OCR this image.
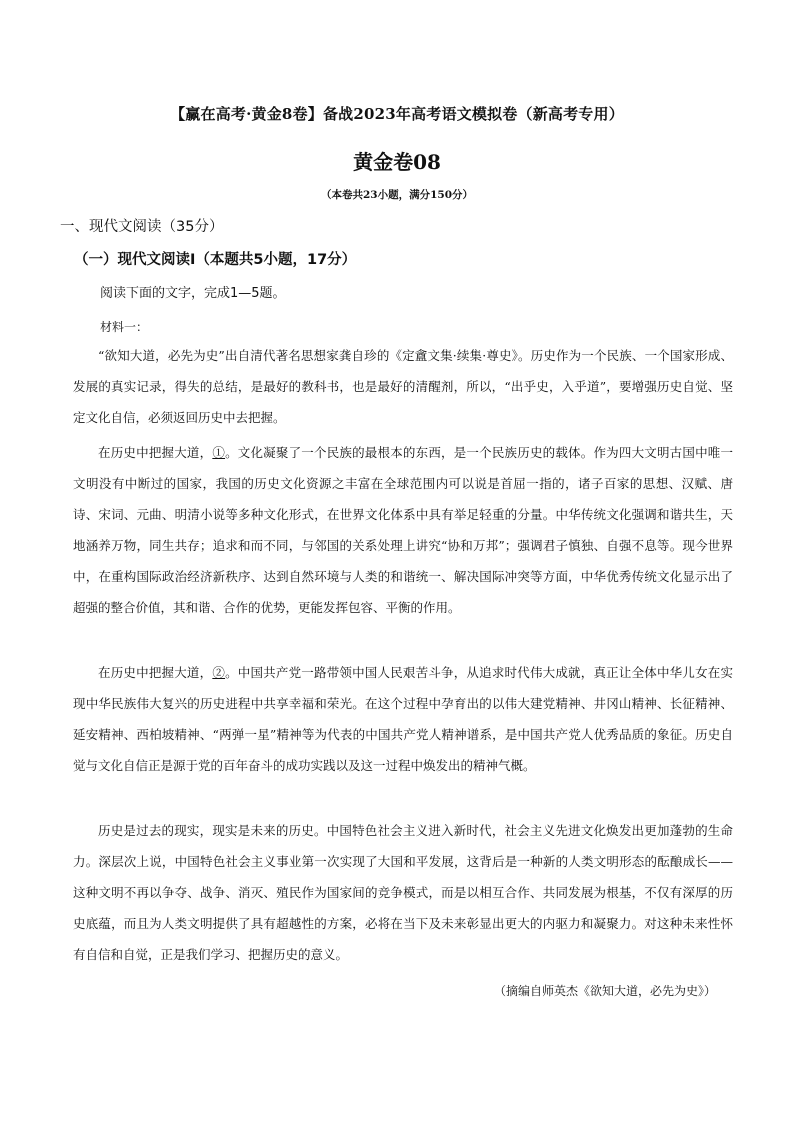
【赢在高考·黄金8卷】备战2023年高考语文模拟卷（新高考专用）
黄金卷08
（本卷共23小题，满分150分）
一、现代文阅读（35分）
（一）现代文阅读Ⅰ（本题共5小题，17分）
阅读下面的文字，完成1—5题。
材料一：

“欲知大道，必先为史”出自清代著名思想家龚自珍的《定盦文集·续集·尊史》。历史作为一个民族、一个国家形成、发展的真实记录，得失的总结，是最好的教科书，也是最好的清醒剂，所以，“出乎史，入乎道”，要增强历史自觉、坚定文化自信，必须返回历史中去把握。

在历史中把握大道，①。文化凝聚了一个民族的最根本的东西，是一个民族历史的载体。作为四大文明古国中唯一文明没有中断过的国家，我国的历史文化资源之丰富在全球范围内可以说是首屈一指的，诸子百家的思想、汉赋、唐诗、宋词、元曲、明清小说等多种文化形式，在世界文化体系中具有举足轻重的分量。中华传统文化强调和谐共生，天地涵养万物，同生共存；追求和而不同，与邻国的关系处理上讲究“协和万邦”；强调君子慎独、自强不息等。现今世界中，在重构国际政治经济新秩序、达到自然环境与人类的和谐统一、解决国际冲突等方面，中华优秀传统文化显示出了超强的整合价值，其和谐、合作的优势，更能发挥包容、平衡的作用。

在历史中把握大道，②。中国共产党一路带领中国人民艰苦斗争，从追求时代伟大成就，真正让全体中华儿女在实现中华民族伟大复兴的历史进程中共享幸福和荣光。在这个过程中孕育出的以伟大建党精神、井冈山精神、长征精神、延安精神、西柏坡精神、“两弹一星”精神等为代表的中国共产党人精神谱系，是中国共产党人优秀品质的象征。历史自觉与文化自信正是源于党的百年奋斗的成功实践以及这一过程中焕发出的精神气概。

历史是过去的现实，现实是未来的历史。中国特色社会主义进入新时代，社会主义先进文化焕发出更加蓬勃的生命力。深层次上说，中国特色社会主义事业第一次实现了大国和平发展，这背后是一种新的人类文明形态的酝酿成长——这种文明不再以争夺、战争、消灭、殖民作为国家间的竞争模式，而是以相互合作、共同发展为根基，不仅有深厚的历史底蕴，而且为人类文明提供了具有超越性的方案，必将在当下及未来彰显出更大的内驱力和凝聚力。对这种未来性怀有自信和自觉，正是我们学习、把握历史的意义。

（摘编自师英杰《欲知大道，必先为史》）
